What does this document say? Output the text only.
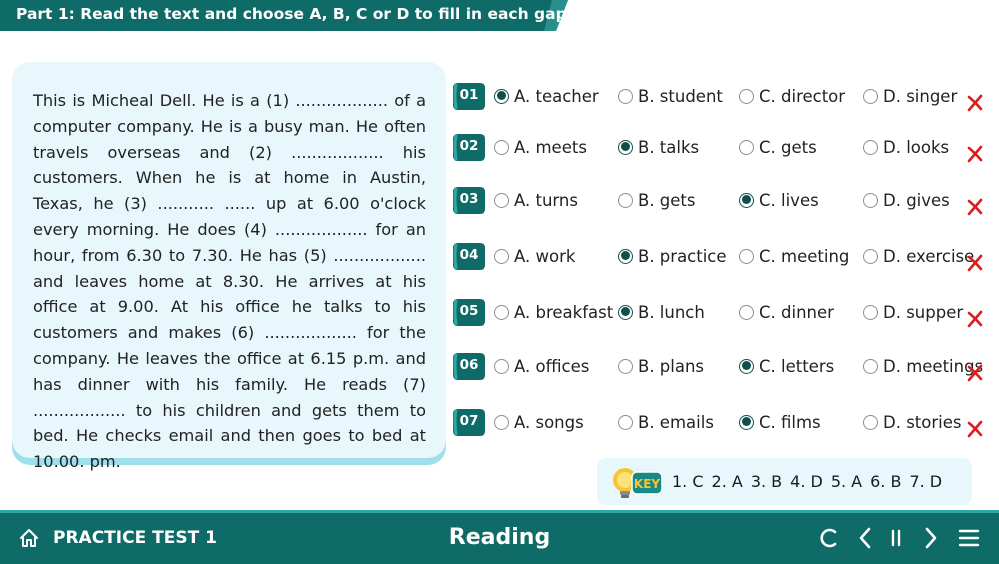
Part 1: Read the text and choose A, B, C or D to fill in each gap.

This is Micheal Dell. He is a (1) .................. of a computer company. He is a busy man. He often travels overseas and (2) .................. his customers. When he is at home in Austin, Texas, he (3) ........... ...... up at 6.00 o'clock every morning. He does (4) .................. for an hour, from 6.30 to 7.30. He has (5) .................. and leaves home at 8.30. He arrives at his office at 9.00. At his office he talks to his customers and makes (6) .................. for the company. He leaves the office at 6.15 p.m. and has dinner with his family. He reads (7) .................. to his children and gets them to bed. He checks email and then goes to bed at 10.00. pm.

01	A. teacher B. student C. director D. singer
02	A. meets	B. talks	C. gets	D. looks
03	A. turns	B. gets	C. lives	D. gives
04	A. work	B. practice C. meeting D. exercise
05	A. breakfast B. lunch	C. dinner	D. supper
06	A. offices	B. plans	C. letters	D. meetings
07	A. songs	B. emails	C. films	D. stories
KEY 1. C 2. A 3. B 4. D 5. A 6. B 7. D
PRACTICE TEST 1	Reading
